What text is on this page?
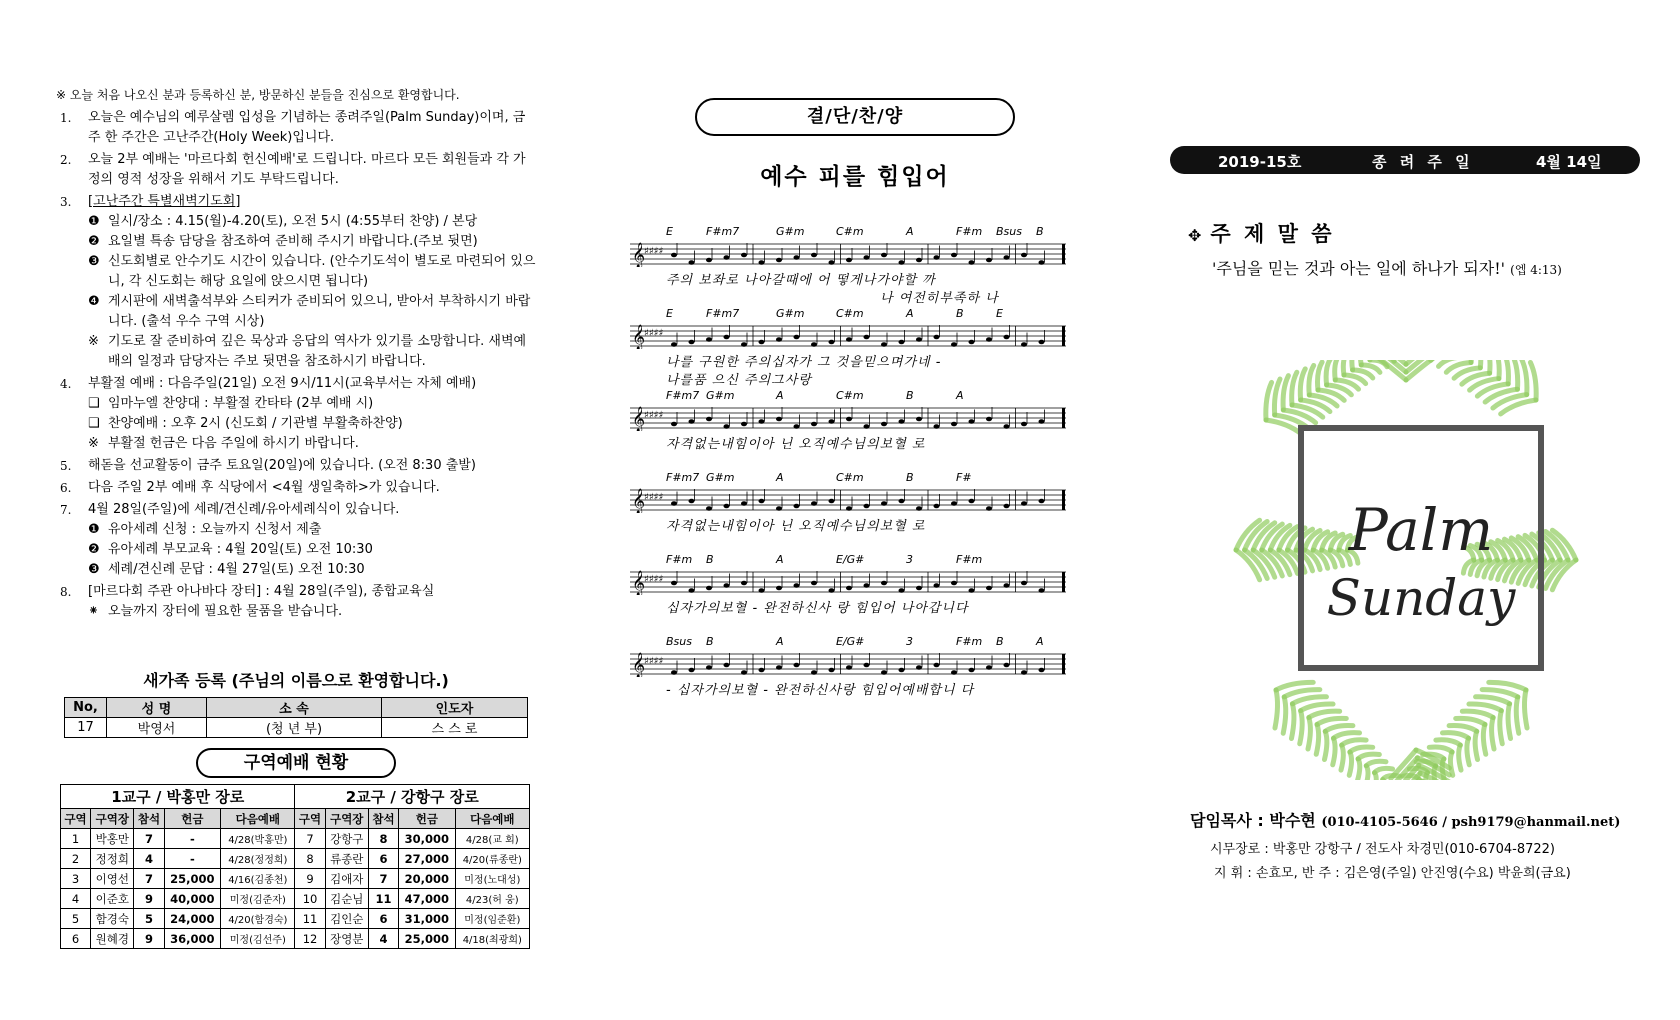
※ 오늘 처음 나오신 분과 등록하신 분, 방문하신 분들을 진심으로 환영합니다.
1. 오늘은 예수님의 예루살렘 입성을 기념하는 종려주일(Palm Sunday)이며, 금주 한 주간은 고난주간(Holy Week)입니다.
2. 오늘 2부 예배는 '마르다회 헌신예배'로 드립니다. 마르다 모든 회원들과 각 가정의 영적 성장을 위해서 기도 부탁드립니다.
3. [고난주간 특별새벽기도회]
❶ 일시/장소 : 4.15(월)-4.20(토), 오전 5시 (4:55부터 찬양) / 본당
❷ 요일별 특송 담당을 참조하여 준비해 주시기 바랍니다.(주보 뒷면)
❸ 신도회별로 안수기도 시간이 있습니다. (안수기도석이 별도로 마련되어 있으니, 각 신도회는 해당 요일에 앉으시면 됩니다)
❹ 게시판에 새벽출석부와 스티커가 준비되어 있으니, 받아서 부착하시기 바랍니다. (출석 우수 구역 시상)
※ 기도로 잘 준비하여 깊은 묵상과 응답의 역사가 있기를 소망합니다. 새벽예배의 일정과 담당자는 주보 뒷면을 참조하시기 바랍니다.
4. 부활절 예배 : 다음주일(21일) 오전 9시/11시(교육부서는 자체 예배)
❑ 임마누엘 찬양대 : 부활절 칸타타 (2부 예배 시)
❑ 찬양예배 : 오후 2시 (신도회 / 기관별 부활축하찬양)
※ 부활절 헌금은 다음 주일에 하시기 바랍니다.
5. 해돋을 선교활동이 금주 토요일(20일)에 있습니다. (오전 8:30 출발)
6. 다음 주일 2부 예배 후 식당에서 <4월 생일축하>가 있습니다.
7. 4월 28일(주일)에 세례/견신례/유아세례식이 있습니다.
❶ 유아세례 신청 : 오늘까지 신청서 제출
❷ 유아세례 부모교육 : 4월 20일(토) 오전 10:30
❸ 세례/견신례 문답 : 4월 27일(토) 오전 10:30
8. [마르다회 주관 아나바다 장터] : 4월 28일(주일), 종합교육실
⁕ 오늘까지 장터에 필요한 물품을 받습니다.
새가족 등록 (주님의 이름으로 환영합니다.)
No,	성 명	소 속	인도자
17	박영서	(청 년 부)	스 스 로
구역예배 현황
1교구 / 박홍만 장로					2교구 / 강항구 장로				
구역	구역장	참석	헌금	다음예배	구역	구역장	참석	헌금	다음예배
1	박홍만	7	-	4/28(박홍만)	7	강항구	8	30,000	4/28(교 회)
2	정정희	4	-	4/28(정정희)	8	류종란	6	27,000	4/20(류종란)
3	이영선	7	25,000	4/16(김종천)	9	김애자	7	20,000	미정(노대성)
4	이준호	9	40,000	미정(김준자)	10	김순님	11	47,000	4/23(허 웅)
5	함경숙	5	24,000	4/20(함경숙)	11	김인순	6	31,000	미정(임준환)
6	원혜경	9	36,000	미정(김선주)	12	장영분	4	25,000	4/18(최광희)
결/단/찬/양
예수 피를 힘입어
E	F#m7	G#m	C#m	A	F#m Bsus B
𝄞
♯♯♯♯
주의 보좌로 나아갈때에 어 떻게나가야할 까
나 여전히부족하 나
E	F#m7	G#m	C#m	A	B	E
𝄞
♯♯♯♯
나를 구원한 주의십자가 그 것을믿으며가네 -
나를품 으신 주의그사랑
F#m7 G#m	A	C#m	B	A
𝄞
♯♯♯♯
자격없는내힘이아 닌 오직예수님의보혈 로
F#m7 G#m	A	C#m	B	F#
𝄞
♯♯♯♯
자격없는내힘이아 닌 오직예수님의보혈 로
F#m B	A	E/G#	3	F#m
𝄞
♯♯♯♯
십자가의보혈 - 완전하신사 랑 힘입어 나아갑니다
Bsus B	A	E/G#	3	F#m B	A
𝄞
♯♯♯♯
- 십자가의보혈 - 완전하신사랑 힘입어예배합니 다
2019-15호	종 려 주 일	4월 14일
✥ 주 제 말 씀
'주님을 믿는 것과 아는 일에 하나가 되자!' (엡 4:13)
Palm
Sunday
담임목사 : 박수현 (010-4105-5646 / psh9179@hanmail.net)
시무장로 : 박홍만 강항구 / 전도사 차경민(010-6704-8722)
지 휘 : 손효모, 반 주 : 김은영(주일) 안진영(수요) 박윤희(금요)
